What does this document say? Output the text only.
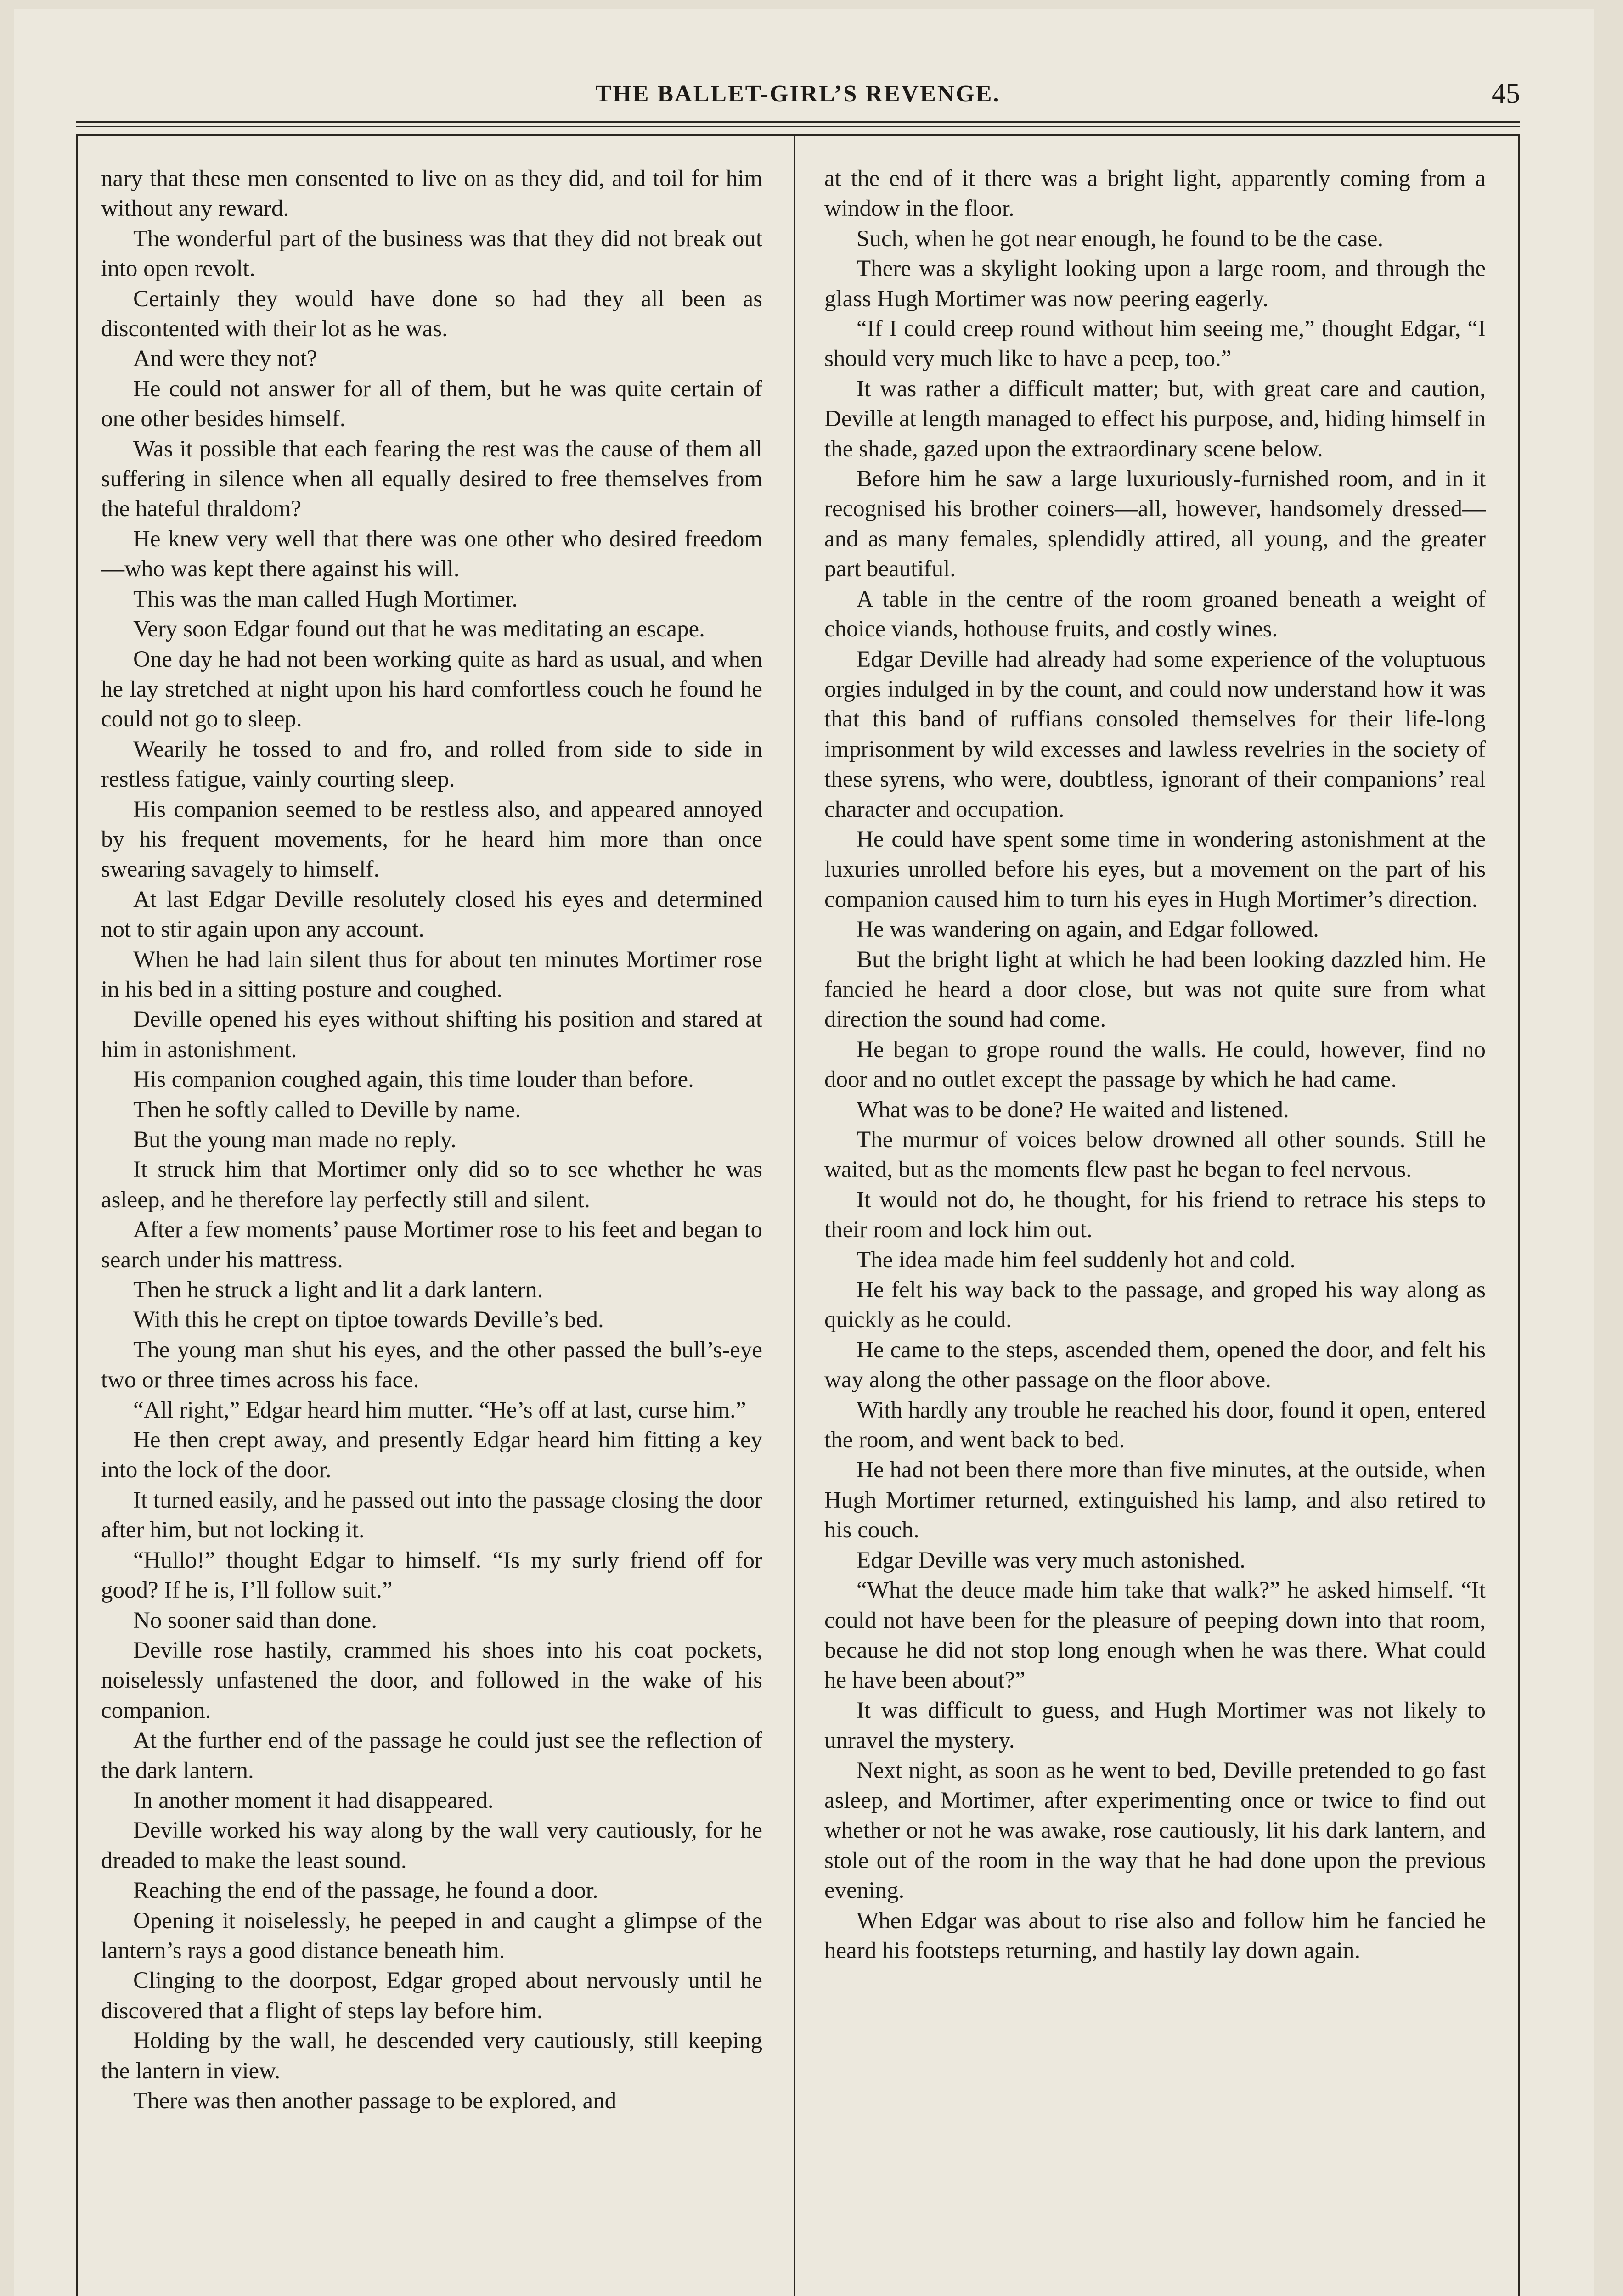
THE BALLET-GIRL’S REVENGE.	45

nary that these men consented to live on as they did, and toil for him without any reward.

The wonderful part of the business was that they did not break out into open revolt.

Certainly they would have done so had they all been as discontented with their lot as he was.

And were they not?

He could not answer for all of them, but he was quite certain of one other besides himself.

Was it possible that each fearing the rest was the cause of them all suffering in silence when all equally desired to free themselves from the hateful thraldom?

He knew very well that there was one other who desired freedom—who was kept there against his will.

This was the man called Hugh Mortimer.

Very soon Edgar found out that he was meditating an escape.

One day he had not been working quite as hard as usual, and when he lay stretched at night upon his hard comfortless couch he found he could not go to sleep.

Wearily he tossed to and fro, and rolled from side to side in restless fatigue, vainly courting sleep.

His companion seemed to be restless also, and appeared annoyed by his frequent movements, for he heard him more than once swearing savagely to himself.

At last Edgar Deville resolutely closed his eyes and determined not to stir again upon any account.

When he had lain silent thus for about ten minutes Mortimer rose in his bed in a sitting posture and coughed.

Deville opened his eyes without shifting his position and stared at him in astonishment.

His companion coughed again, this time louder than before.

Then he softly called to Deville by name.

But the young man made no reply.

It struck him that Mortimer only did so to see whether he was asleep, and he therefore lay perfectly still and silent.

After a few moments’ pause Mortimer rose to his feet and began to search under his mattress.

Then he struck a light and lit a dark lantern.

With this he crept on tiptoe towards Deville’s bed.

The young man shut his eyes, and the other passed the bull’s-eye two or three times across his face.

“All right,” Edgar heard him mutter. “He’s off at last, curse him.”

He then crept away, and presently Edgar heard him fitting a key into the lock of the door.

It turned easily, and he passed out into the passage closing the door after him, but not locking it.

“Hullo!” thought Edgar to himself. “Is my surly friend off for good? If he is, I’ll follow suit.”

No sooner said than done.

Deville rose hastily, crammed his shoes into his coat pockets, noiselessly unfastened the door, and followed in the wake of his companion.

At the further end of the passage he could just see the reflection of the dark lantern.

In another moment it had disappeared.

Deville worked his way along by the wall very cautiously, for he dreaded to make the least sound.

Reaching the end of the passage, he found a door.

Opening it noiselessly, he peeped in and caught a glimpse of the lantern’s rays a good distance beneath him.

Clinging to the doorpost, Edgar groped about nervously until he discovered that a flight of steps lay before him.

Holding by the wall, he descended very cautiously, still keeping the lantern in view.

There was then another passage to be explored, and

at the end of it there was a bright light, apparently coming from a window in the floor.

Such, when he got near enough, he found to be the case.

There was a skylight looking upon a large room, and through the glass Hugh Mortimer was now peering eagerly.

“If I could creep round without him seeing me,” thought Edgar, “I should very much like to have a peep, too.”

It was rather a difficult matter; but, with great care and caution, Deville at length managed to effect his purpose, and, hiding himself in the shade, gazed upon the extraordinary scene below.

Before him he saw a large luxuriously-furnished room, and in it recognised his brother coiners—all, however, handsomely dressed—and as many females, splendidly attired, all young, and the greater part beautiful.

A table in the centre of the room groaned beneath a weight of choice viands, hothouse fruits, and costly wines.

Edgar Deville had already had some experience of the voluptuous orgies indulged in by the count, and could now understand how it was that this band of ruffians consoled themselves for their life-long imprisonment by wild excesses and lawless revelries in the society of these syrens, who were, doubtless, ignorant of their companions’ real character and occupation.

He could have spent some time in wondering astonishment at the luxuries unrolled before his eyes, but a movement on the part of his companion caused him to turn his eyes in Hugh Mortimer’s direction.

He was wandering on again, and Edgar followed.

But the bright light at which he had been looking dazzled him. He fancied he heard a door close, but was not quite sure from what direction the sound had come.

He began to grope round the walls. He could, however, find no door and no outlet except the passage by which he had came.

What was to be done? He waited and listened.

The murmur of voices below drowned all other sounds. Still he waited, but as the moments flew past he began to feel nervous.

It would not do, he thought, for his friend to retrace his steps to their room and lock him out.

The idea made him feel suddenly hot and cold.

He felt his way back to the passage, and groped his way along as quickly as he could.

He came to the steps, ascended them, opened the door, and felt his way along the other passage on the floor above.

With hardly any trouble he reached his door, found it open, entered the room, and went back to bed.

He had not been there more than five minutes, at the outside, when Hugh Mortimer returned, extinguished his lamp, and also retired to his couch.

Edgar Deville was very much astonished.

“What the deuce made him take that walk?” he asked himself. “It could not have been for the pleasure of peeping down into that room, because he did not stop long enough when he was there. What could he have been about?”

It was difficult to guess, and Hugh Mortimer was not likely to unravel the mystery.

Next night, as soon as he went to bed, Deville pretended to go fast asleep, and Mortimer, after experimenting once or twice to find out whether or not he was awake, rose cautiously, lit his dark lantern, and stole out of the room in the way that he had done upon the previous evening.

When Edgar was about to rise also and follow him he fancied he heard his footsteps returning, and hastily lay down again.
